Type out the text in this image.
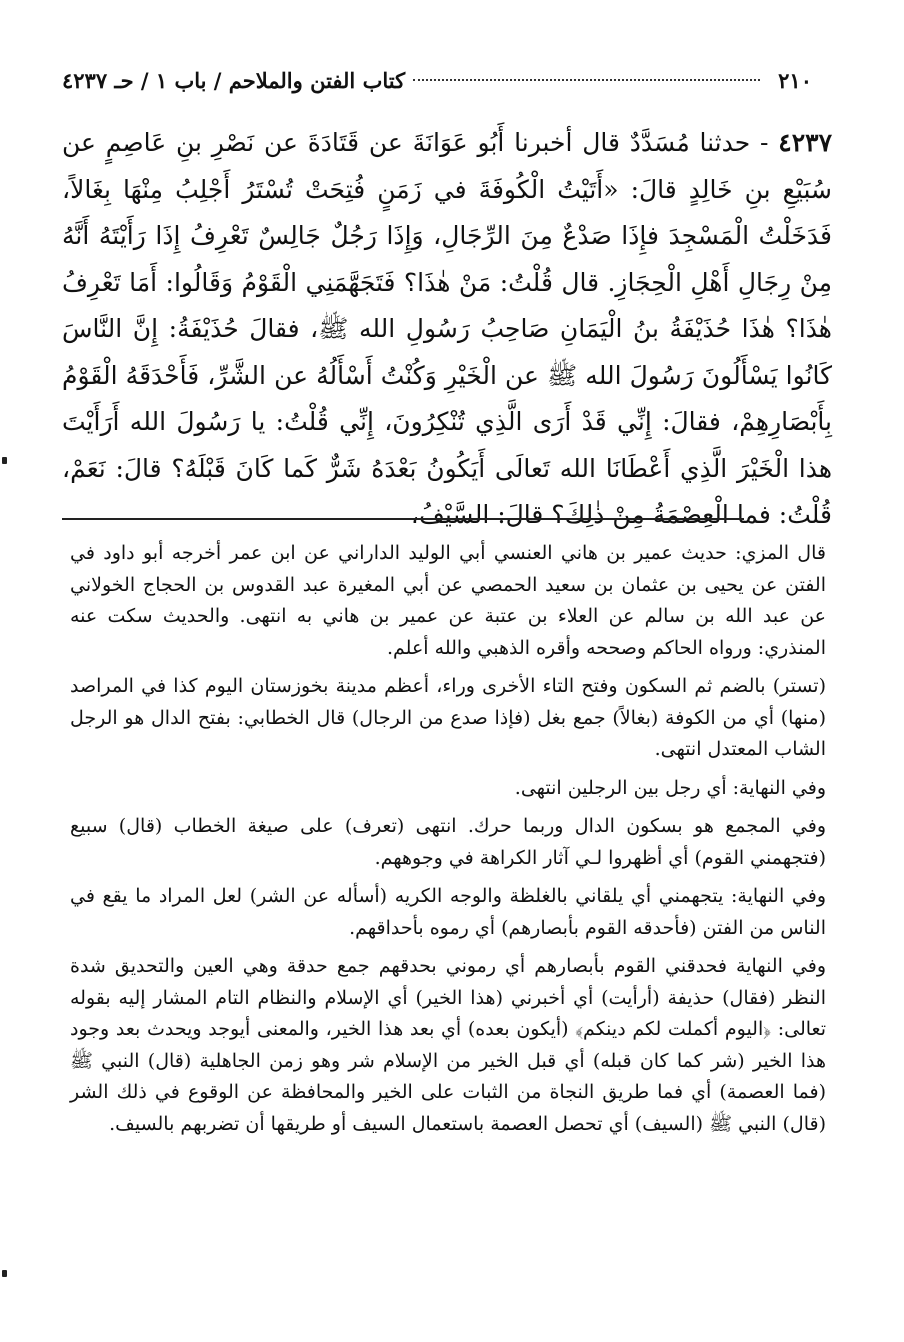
٢١٠
كتاب الفتن والملاحم / باب ١ / حـ ٤٢٣٧

٤٢٣٧ - حدثنا مُسَدَّدٌ قال أخبرنا أَبُو عَوَانَةَ عن قَتَادَةَ عن نَصْرِ بنِ عَاصِمٍ عن سُبَيْعِ بنِ خَالِدٍ قالَ: «أَتَيْتُ الْكُوفَةَ في زَمَنٍ فُتِحَتْ تُسْتَرُ أَجْلِبُ مِنْهَا بِغَالاً، فَدَخَلْتُ الْمَسْجِدَ فإِذَا صَدْعٌ مِنَ الرِّجَالِ، وَإِذَا رَجُلٌ جَالِسٌ تَعْرِفُ إِذَا رَأَيْتَهُ أَنَّهُ مِنْ رِجَالِ أَهْلِ الْحِجَازِ. قال قُلْتُ: مَنْ هٰذَا؟ فَتَجَهَّمَنِي الْقَوْمُ وَقَالُوا: أَمَا تَعْرِفُ هٰذَا؟ هٰذَا حُذَيْفَةُ بنُ الْيَمَانِ صَاحِبُ رَسُولِ الله ﷺ، فقالَ حُذَيْفَةُ: إِنَّ النَّاسَ كَانُوا يَسْأَلُونَ رَسُولَ الله ﷺ عن الْخَيْرِ وَكُنْتُ أَسْأَلُهُ عن الشَّرِّ، فَأَحْدَقَهُ الْقَوْمُ بِأَبْصَارِهِمْ، فقالَ: إِنِّي قَدْ أَرَى الَّذِي تُنْكِرُونَ، إِنِّي قُلْتُ: يا رَسُولَ الله أَرَأَيْتَ هذا الْخَيْرَ الَّذِي أَعْطَانَا الله تَعالَى أَيَكُونُ بَعْدَهُ شَرٌّ كَما كَانَ قَبْلَهُ؟ قالَ: نَعَمْ، قُلْتُ: فما الْعِصْمَةُ مِنْ ذٰلِكَ؟ قالَ: السَّيْفُ،

قال المزي: حديث عمير بن هاني العنسي أبي الوليد الداراني عن ابن عمر أخرجه أبو داود في الفتن عن يحيى بن عثمان بن سعيد الحمصي عن أبي المغيرة عبد القدوس بن الحجاج الخولاني عن عبد الله بن سالم عن العلاء بن عتبة عن عمير بن هاني به انتهى. والحديث سكت عنه المنذري: ورواه الحاكم وصححه وأقره الذهبي والله أعلم.

(تستر) بالضم ثم السكون وفتح التاء الأخرى وراء، أعظم مدينة بخوزستان اليوم كذا في المراصد (منها) أي من الكوفة (بغالاً) جمع بغل (فإذا صدع من الرجال) قال الخطابي: بفتح الدال هو الرجل الشاب المعتدل انتهى.

وفي النهاية: أي رجل بين الرجلين انتهى.

وفي المجمع هو بسكون الدال وربما حرك. انتهى (تعرف) على صيغة الخطاب (قال) سبيع (فتجهمني القوم) أي أظهروا لـي آثار الكراهة في وجوههم.

وفي النهاية: يتجهمني أي يلقاني بالغلظة والوجه الكريه (أسأله عن الشر) لعل المراد ما يقع في الناس من الفتن (فأحدقه القوم بأبصارهم) أي رموه بأحداقهم.

وفي النهاية فحدقني القوم بأبصارهم أي رموني بحدقهم جمع حدقة وهي العين والتحديق شدة النظر (فقال) حذيفة (أرأيت) أي أخبرني (هذا الخير) أي الإسلام والنظام التام المشار إليه بقوله تعالى: ﴿اليوم أكملت لكم دينكم﴾ (أيكون بعده) أي بعد هذا الخير، والمعنى أيوجد ويحدث بعد وجود هذا الخير (شر كما كان قبله) أي قبل الخير من الإسلام شر وهو زمن الجاهلية (قال) النبي ﷺ (فما العصمة) أي فما طريق النجاة من الثبات على الخير والمحافظة عن الوقوع في ذلك الشر (قال) النبي ﷺ (السيف) أي تحصل العصمة باستعمال السيف أو طريقها أن تضربهم بالسيف.
